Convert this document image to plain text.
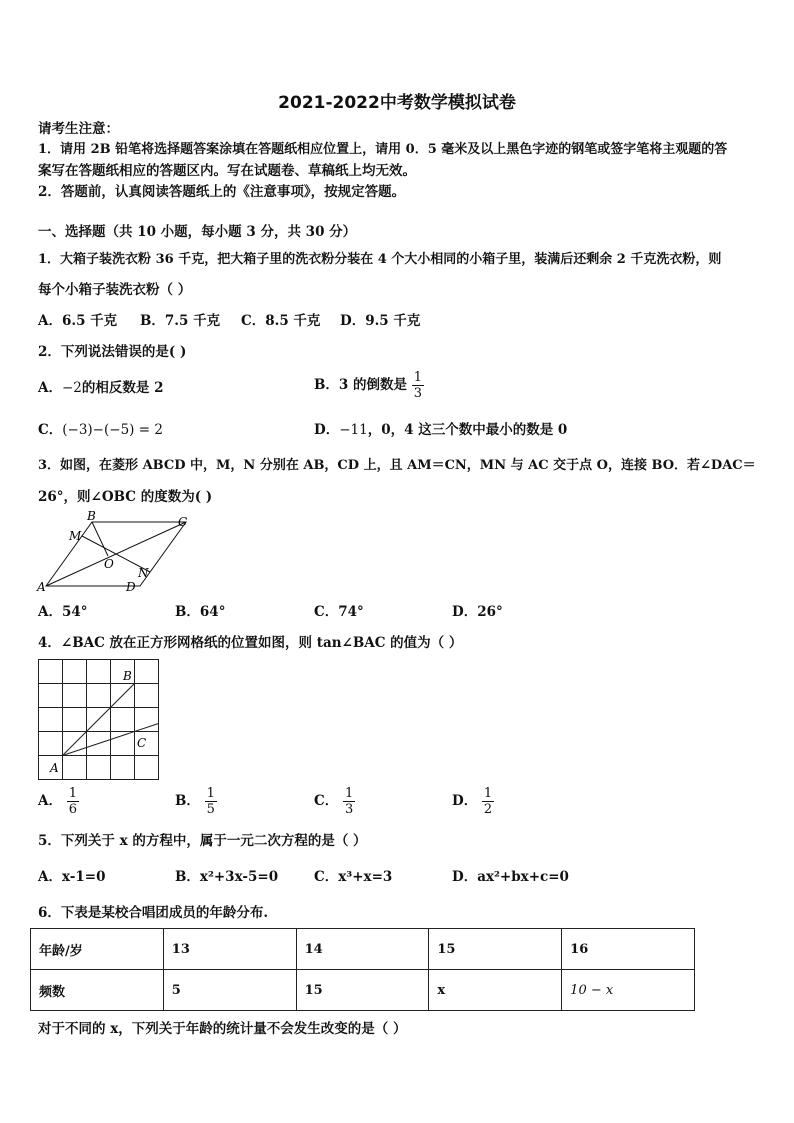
2021-2022中考数学模拟试卷
请考生注意：
1．请用 2B 铅笔将选择题答案涂填在答题纸相应位置上，请用 0．5 毫米及以上黑色字迹的钢笔或签字笔将主观题的答
案写在答题纸相应的答题区内。写在试题卷、草稿纸上均无效。
2．答题前，认真阅读答题纸上的《注意事项》，按规定答题。
一、选择题（共 10 小题，每小题 3 分，共 30 分）
1．大箱子装洗衣粉 36 千克，把大箱子里的洗衣粉分装在 4 个大小相同的小箱子里，装满后还剩余 2 千克洗衣粉，则
每个小箱子装洗衣粉（ ）
A．6.5 千克 B．7.5 千克 C．8.5 千克 D．9.5 千克
2．下列说法错误的是( )
A．−2的相反数是 2	B．3 的倒数是 $\frac{1}{3}$
C．(−3)−(−5) = 2	D．−11，0，4 这三个数中最小的数是 0
3．如图，在菱形 ABCD 中，M，N 分别在 AB，CD 上，且 AM＝CN，MN 与 AC 交于点 O，连接 BO．若∠DAC＝
26°，则∠OBC 的度数为( )
A
B	C
D
M
N
O
A．54°	B．64°	C．74°	D．26°
4．∠BAC 放在正方形网格纸的位置如图，则 tan∠BAC 的值为（ ）
A
B
C
A． $\frac{1}{6}$	B． $\frac{1}{5}$	C． $\frac{1}{3}$	D． $\frac{1}{2}$
5．下列关于 x 的方程中，属于一元二次方程的是（ ）
A．x-1=0	B．x²+3x-5=0	C．x³+x=3	D．ax²+bx+c=0
6．下表是某校合唱团成员的年龄分布.
年龄/岁	13	14	15	16
频数	5	15	x	10 − x
对于不同的 x，下列关于年龄的统计量不会发生改变的是（ ）
